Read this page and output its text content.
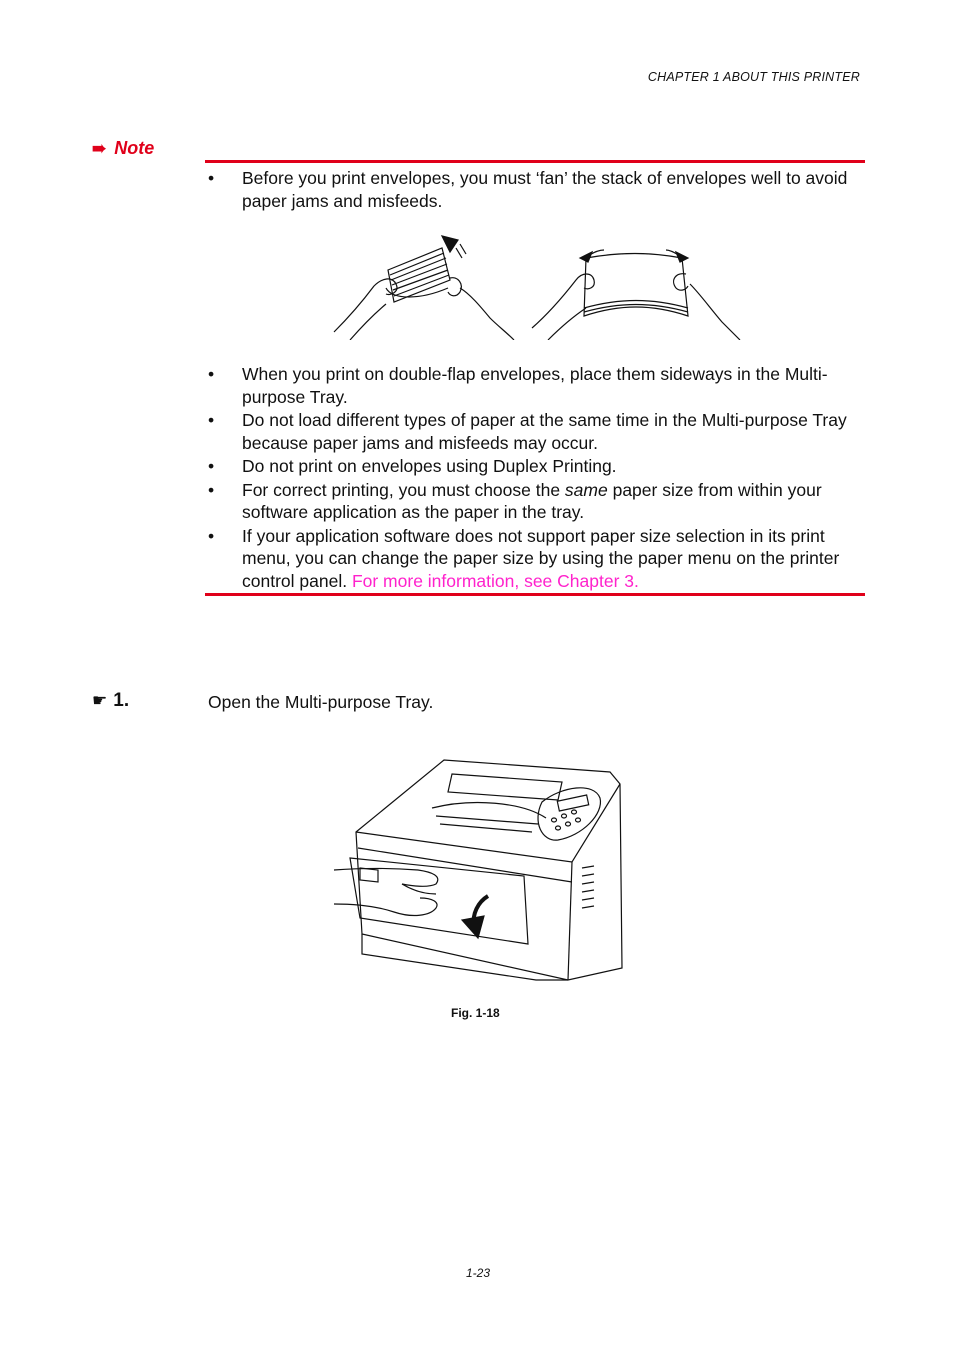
CHAPTER 1 ABOUT THIS PRINTER
➠ Note
• Before you print envelopes, you must ‘fan’ the stack of envelopes well to avoid paper jams and misfeeds.
• When you print on double-flap envelopes, place them sideways in the Multi-purpose Tray.
• Do not load different types of paper at the same time in the Multi-purpose Tray because paper jams and misfeeds may occur.
• Do not print on envelopes using Duplex Printing.
• For correct printing, you must choose the same paper size from within your software application as the paper in the tray.
• If your application software does not support paper size selection in its print menu, you can change the paper size by using the paper menu on the printer control panel. For more information, see Chapter 3.
☛ 1.	Open the Multi-purpose Tray.
Fig. 1-18
1-23
